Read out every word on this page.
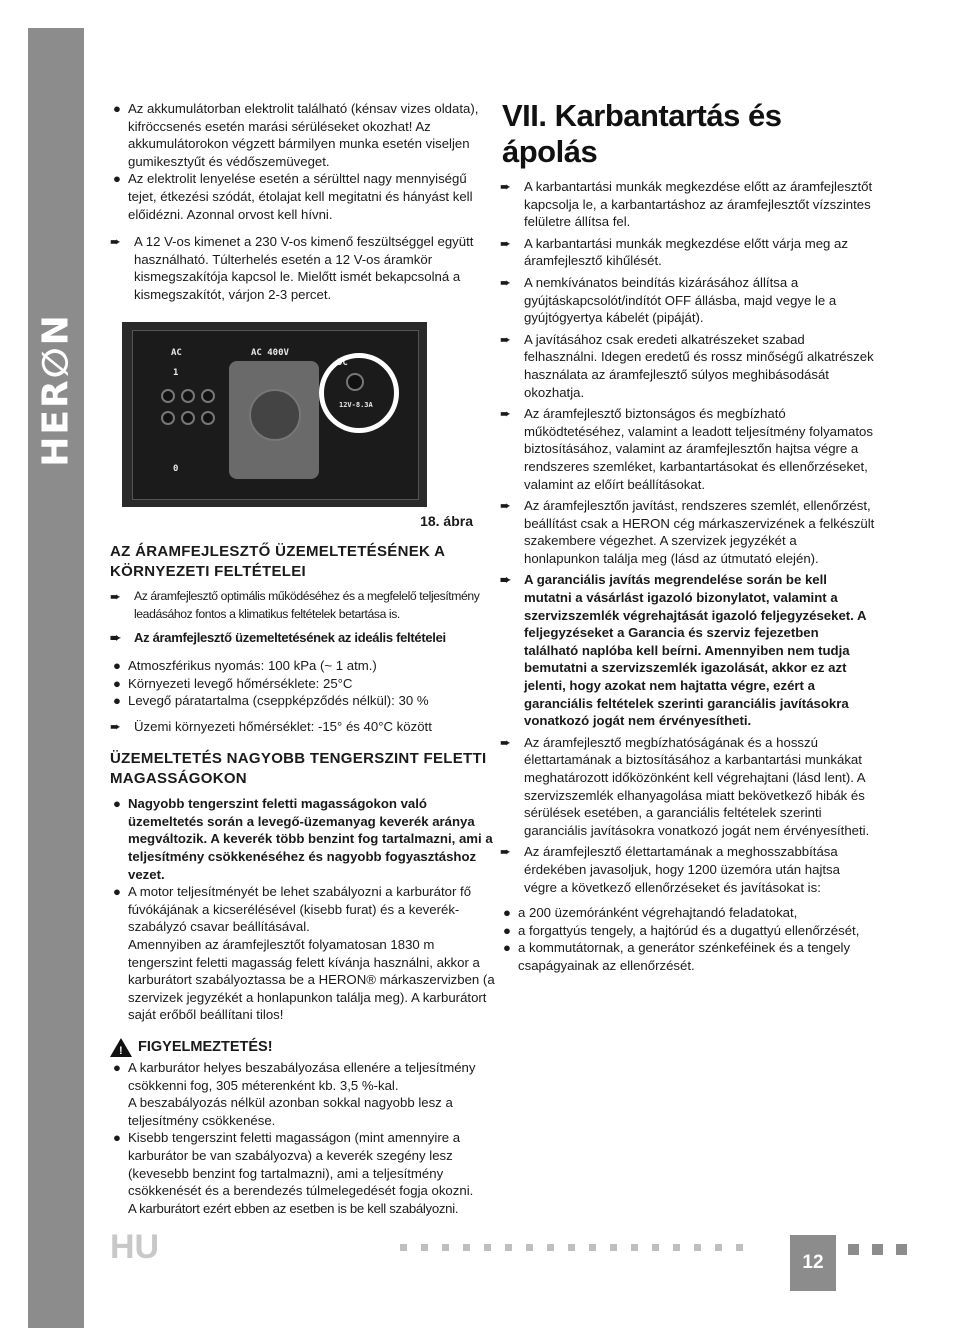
HER∅N
● Az akkumulátorban elektrolit található (kénsav vizes oldata), kifröccsenés esetén marási sérüléseket okozhat! Az akkumulátorokon végzett bármilyen munka esetén viseljen gumikesztyűt és védőszemüveget.
● Az elektrolit lenyelése esetén a sérülttel nagy mennyiségű tejet, étkezési szódát, étolajat kell megitatni és hányást kell előidézni. Azonnal orvost kell hívni.
➨ A 12 V-os kimenet a 230 V-os kimenő feszültséggel együtt használható. Túlterhelés esetén a 12 V-os áramkör kismegszakítója kapcsol le. Mielőtt ismét bekapcsolná a kismegszakítót, várjon 2-3 percet.
AC
1
0
AC 400V
DC
12V-8.3A
18. ábra
AZ ÁRAMFEJLESZTŐ ÜZEMELTETÉSÉNEK A KÖRNYEZETI FELTÉTELEI
➨ Az áramfejlesztő optimális működéséhez és a megfelelő teljesítmény leadásához fontos a klimatikus feltételek betartása is.
➨ Az áramfejlesztő üzemeltetésének az ideális feltételei
● Atmoszférikus nyomás: 100 kPa (~ 1 atm.)
● Környezeti levegő hőmérséklete: 25°C
● Levegő páratartalma (cseppképződés nélkül): 30 %
➨ Üzemi környezeti hőmérséklet: -15° és 40°C között
ÜZEMELTETÉS NAGYOBB TENGERSZINT FELETTI MAGASSÁGOKON
● Nagyobb tengerszint feletti magasságokon való üzemeltetés során a levegő-üzemanyag keverék aránya megváltozik. A keverék több benzint fog tartalmazni, ami a teljesítmény csökkenéséhez és nagyobb fogyasztáshoz vezet.
● A motor teljesítményét be lehet szabályozni a karburátor fő fúvókájának a kicserélésével (kisebb furat) és a keverék-szabályzó csavar beállításával.
Amennyiben az áramfejlesztőt folyamatosan 1830 m tengerszint feletti magasság felett kívánja használni, akkor a karburátort szabályoztassa be a HERON® márkaszervizben (a szervizek jegyzékét a honlapunkon találja meg). A karburátort saját erőből beállítani tilos!
! FIGYELMEZTETÉS!
● A karburátor helyes beszabályozása ellenére a teljesítmény csökkenni fog, 305 méterenként kb. 3,5 %-kal.
A beszabályozás nélkül azonban sokkal nagyobb lesz a teljesítmény csökkenése.
● Kisebb tengerszint feletti magasságon (mint amennyire a karburátor be van szabályozva) a keverék szegény lesz (kevesebb benzint fog tartalmazni), ami a teljesítmény csökkenését és a berendezés túlmelegedését fogja okozni.
A karburátort ezért ebben az esetben is be kell szabályozni.
VII. Karbantartás és ápolás
➨ A karbantartási munkák megkezdése előtt az áramfejlesztőt kapcsolja le, a karbantartáshoz az áramfejlesztőt vízszintes felületre állítsa fel.
➨ A karbantartási munkák megkezdése előtt várja meg az áramfejlesztő kihűlését.
➨ A nemkívánatos beindítás kizárásához állítsa a gyújtáskapcsolót/indítót OFF állásba, majd vegye le a gyújtógyertya kábelét (pipáját).
➨ A javításához csak eredeti alkatrészeket szabad felhasználni. Idegen eredetű és rossz minőségű alkatrészek használata az áramfejlesztő súlyos meghibásodását okozhatja.
➨ Az áramfejlesztő biztonságos és megbízható működtetéséhez, valamint a leadott teljesítmény folyamatos biztosításához, valamint az áramfejlesztőn hajtsa végre a rendszeres szemléket, karbantartásokat és ellenőrzéseket, valamint az előírt beállításokat.
➨ Az áramfejlesztőn javítást, rendszeres szemlét, ellenőrzést, beállítást csak a HERON cég márkaszervizének a felkészült szakembere végezhet. A szervizek jegyzékét a honlapunkon találja meg (lásd az útmutató elején).
➨ A garanciális javítás megrendelése során be kell mutatni a vásárlást igazoló bizonylatot, valamint a szervizszemlék végrehajtását igazoló feljegyzéseket. A feljegyzéseket a Garancia és szerviz fejezetben található naplóba kell beírni. Amennyiben nem tudja bemutatni a szervizszemlék igazolását, akkor ez azt jelenti, hogy azokat nem hajtatta végre, ezért a garanciális feltételek szerinti garanciális javításokra vonatkozó jogát nem érvényesítheti.
➨ Az áramfejlesztő megbízhatóságának és a hosszú élettartamának a biztosításához a karbantartási munkákat meghatározott időközönként kell végrehajtani (lásd lent). A szervizszemlék elhanyagolása miatt bekövetkező hibák és sérülések esetében, a garanciális feltételek szerinti garanciális javításokra vonatkozó jogát nem érvényesítheti.
➨ Az áramfejlesztő élettartamának a meghosszabbítása érdekében javasoljuk, hogy 1200 üzemóra után hajtsa végre a következő ellenőrzéseket és javításokat is:
● a 200 üzemóránként végrehajtandó feladatokat,
● a forgattyús tengely, a hajtórúd és a dugattyú ellenőrzését,
● a kommutátornak, a generátor szénkeféinek és a tengely csapágyainak az ellenőrzését.
HU	12
